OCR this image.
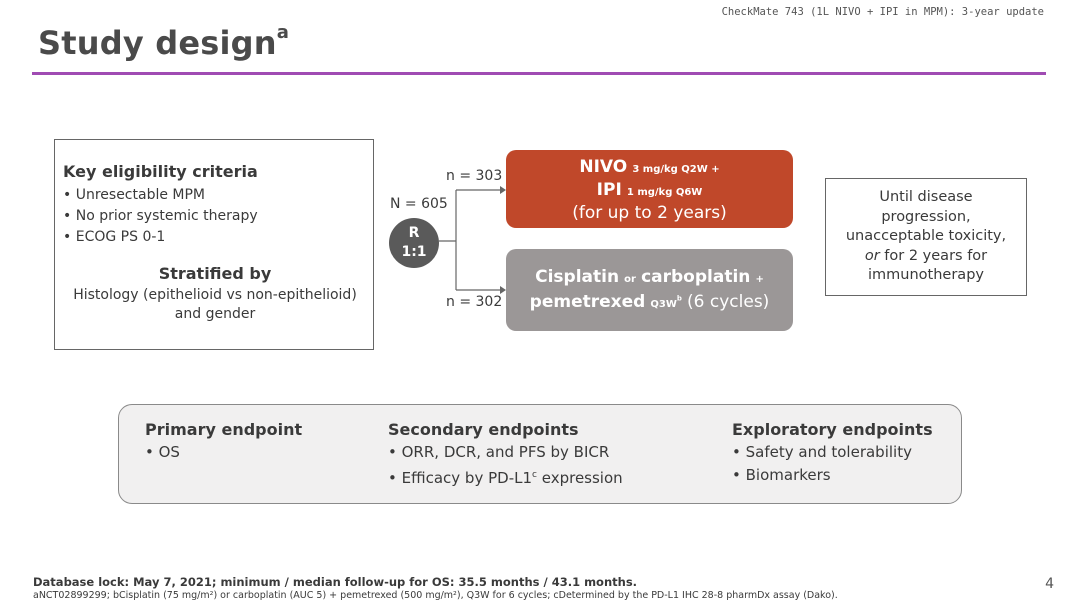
CheckMate 743 (1L NIVO + IPI in MPM): 3-year update
Study design$^a$
Key eligibility criteria
• Unresectable MPM
• No prior systemic therapy
• ECOG PS 0-1
Stratified by
Histology (epithelioid vs non-epithelioid)
and gender
N = 605
R
1:1
n = 303
n = 302
NIVO 3 mg/kg Q2W +
IPI 1 mg/kg Q6W
(for up to 2 years)
Cisplatin or carboplatin +
pemetrexed $Q3W^b$ (6 cycles)
Until disease
progression,
unacceptable toxicity,
or for 2 years for
immunotherapy
Primary endpoint
• OS
Secondary endpoints
• ORR, DCR, and PFS by BICR
• Efficacy by PD-L1$^c$ expression
Exploratory endpoints
• Safety and tolerability
• Biomarkers
Database lock: May 7, 2021; minimum / median follow-up for OS: 35.5 months / 43.1 months.
aNCT02899299; bCisplatin (75 mg/m²) or carboplatin (AUC 5) + pemetrexed (500 mg/m²), Q3W for 6 cycles; cDetermined by the PD-L1 IHC 28-8 pharmDx assay (Dako).
4
